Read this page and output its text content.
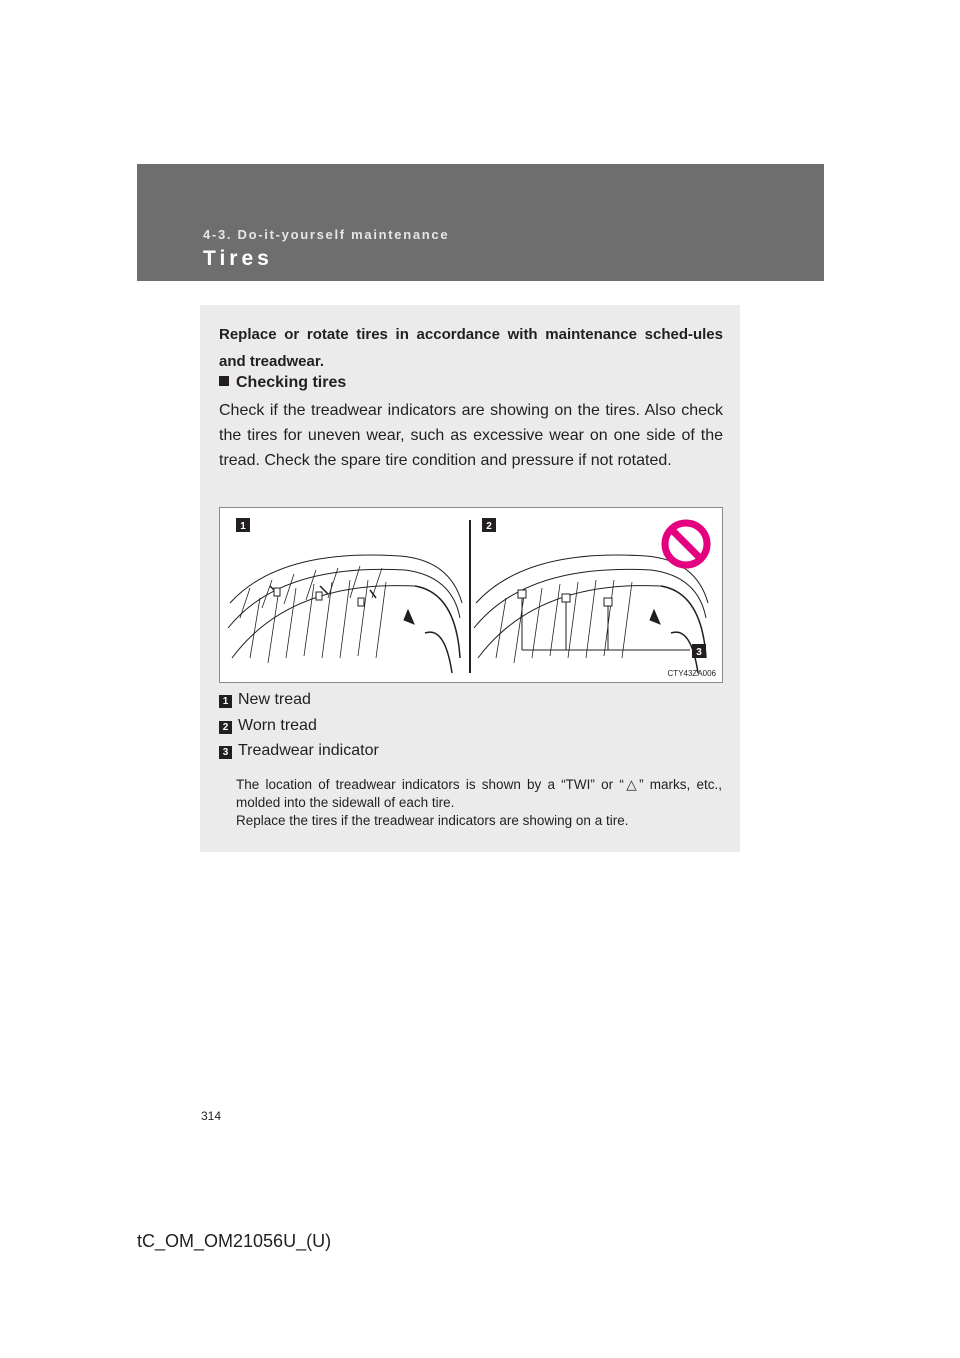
4-3. Do-it-yourself maintenance
Tires
Replace or rotate tires in accordance with maintenance sched-ules and treadwear.
Checking tires
Check if the treadwear indicators are showing on the tires. Also check the tires for uneven wear, such as excessive wear on one side of the tread. Check the spare tire condition and pressure if not rotated.
1	2
3
CTY43ZA006
1 New tread
2 Worn tread
3 Treadwear indicator

The location of treadwear indicators is shown by a “TWI” or “△” marks, etc., molded into the sidewall of each tire.

Replace the tires if the treadwear indicators are showing on a tire.

314
tC_OM_OM21056U_(U)
